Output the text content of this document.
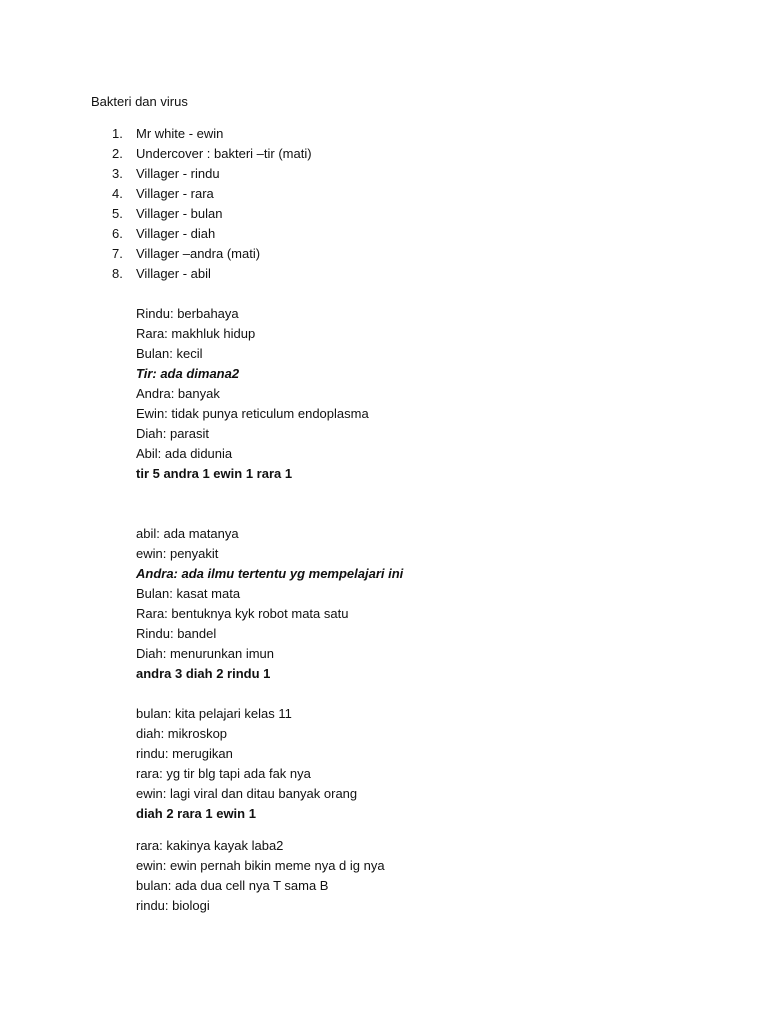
Bakteri dan virus
1.	Mr white - ewin
2.	Undercover : bakteri –tir (mati)
3.	Villager - rindu
4.	Villager - rara
5.	Villager - bulan
6.	Villager - diah
7.	Villager –andra (mati)
8.	Villager - abil
Rindu: berbahaya
Rara: makhluk hidup
Bulan: kecil
Tir: ada dimana2
Andra: banyak
Ewin: tidak punya reticulum endoplasma
Diah: parasit
Abil: ada didunia
tir 5 andra 1 ewin 1 rara 1
abil: ada matanya
ewin: penyakit
Andra: ada ilmu tertentu yg mempelajari ini
Bulan: kasat mata
Rara: bentuknya kyk robot mata satu
Rindu: bandel
Diah: menurunkan imun
andra 3 diah 2 rindu 1
bulan: kita pelajari kelas 11
diah: mikroskop
rindu: merugikan
rara: yg tir blg tapi ada fak nya
ewin: lagi viral dan ditau banyak orang
diah 2 rara 1 ewin 1
rara: kakinya kayak laba2
ewin: ewin pernah bikin meme nya d ig nya
bulan: ada dua cell nya T sama B
rindu: biologi
